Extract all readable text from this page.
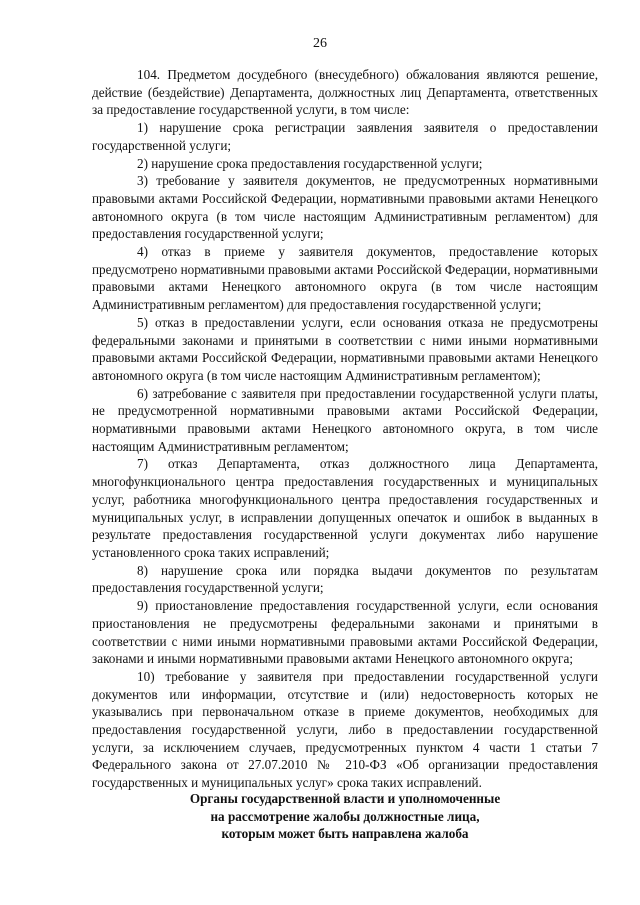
26

104. Предметом досудебного (внесудебного) обжалования являются решение, действие (бездействие) Департамента, должностных лиц Департамента, ответственных за предоставление государственной услуги, в том числе:

1) нарушение срока регистрации заявления заявителя о предоставлении государственной услуги;

2) нарушение срока предоставления государственной услуги;

3) требование у заявителя документов, не предусмотренных нормативными правовыми актами Российской Федерации, нормативными правовыми актами Ненецкого автономного округа (в том числе настоящим Административным регламентом) для предоставления государственной услуги;

4) отказ в приеме у заявителя документов, предоставление которых предусмотрено нормативными правовыми актами Российской Федерации, нормативными правовыми актами Ненецкого автономного округа (в том числе настоящим Административным регламентом) для предоставления государственной услуги;

5) отказ в предоставлении услуги, если основания отказа не предусмотрены федеральными законами и принятыми в соответствии с ними иными нормативными правовыми актами Российской Федерации, нормативными правовыми актами Ненецкого автономного округа (в том числе настоящим Административным регламентом);

6) затребование с заявителя при предоставлении государственной услуги платы, не предусмотренной нормативными правовыми актами Российской Федерации, нормативными правовыми актами Ненецкого автономного округа, в том числе настоящим Административным регламентом;

7) отказ Департамента, отказ должностного лица Департамента, многофункционального центра предоставления государственных и муниципальных услуг, работника многофункционального центра предоставления государственных и муниципальных услуг, в исправлении допущенных опечаток и ошибок в выданных в результате предоставления государственной услуги документах либо нарушение установленного срока таких исправлений;

8) нарушение срока или порядка выдачи документов по результатам предоставления государственной услуги;

9) приостановление предоставления государственной услуги, если основания приостановления не предусмотрены федеральными законами и принятыми в соответствии с ними иными нормативными правовыми актами Российской Федерации, законами и иными нормативными правовыми актами Ненецкого автономного округа;

10) требование у заявителя при предоставлении государственной услуги документов или информации, отсутствие и (или) недостоверность которых не указывались при первоначальном отказе в приеме документов, необходимых для предоставления государственной услуги, либо в предоставлении государственной услуги, за исключением случаев, предусмотренных пунктом 4 части 1 статьи 7 Федерального закона от 27.07.2010 № 210-ФЗ «Об организации предоставления государственных и муниципальных услуг» срока таких исправлений.

Органы государственной власти и уполномоченные
на рассмотрение жалобы должностные лица,
которым может быть направлена жалоба
